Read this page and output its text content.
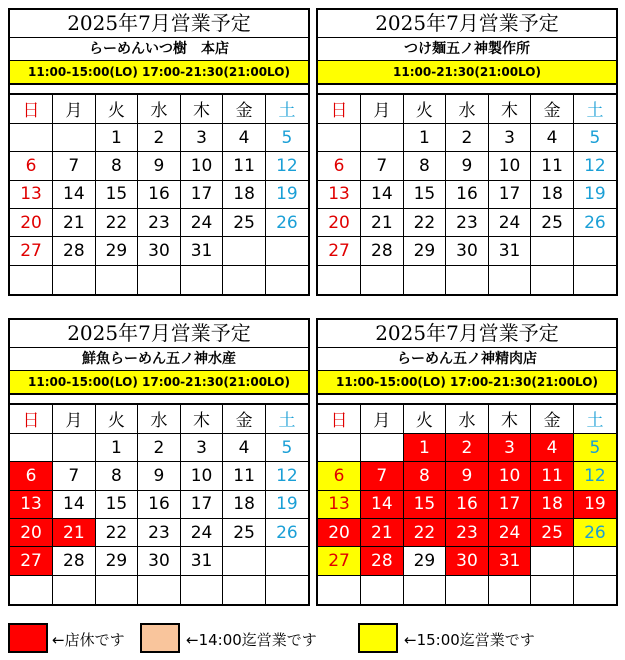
2025年7月営業予定
らーめんいつ樹　本店
11:00-15:00(LO) 17:00-21:30(21:00LO)
日	月	火	水	木	金	土
		1	2	3	4	5
6	7	8	9	10	11	12
13	14	15	16	17	18	19
20	21	22	23	24	25	26
27	28	29	30	31		

2025年7月営業予定
つけ麺五ノ神製作所
11:00-21:30(21:00LO)
日	月	火	水	木	金	土
		1	2	3	4	5
6	7	8	9	10	11	12
13	14	15	16	17	18	19
20	21	22	23	24	25	26
27	28	29	30	31		

2025年7月営業予定
鮮魚らーめん五ノ神水産
11:00-15:00(LO) 17:00-21:30(21:00LO)
日	月	火	水	木	金	土
		1	2	3	4	5
6	7	8	9	10	11	12
13	14	15	16	17	18	19
20	21	22	23	24	25	26
27	28	29	30	31		

2025年7月営業予定
らーめん五ノ神精肉店
11:00-15:00(LO) 17:00-21:30(21:00LO)
日	月	火	水	木	金	土
		1	2	3	4	5
6	7	8	9	10	11	12
13	14	15	16	17	18	19
20	21	22	23	24	25	26
27	28	29	30	31		

←店休です	←14:00迄営業です	←15:00迄営業です
